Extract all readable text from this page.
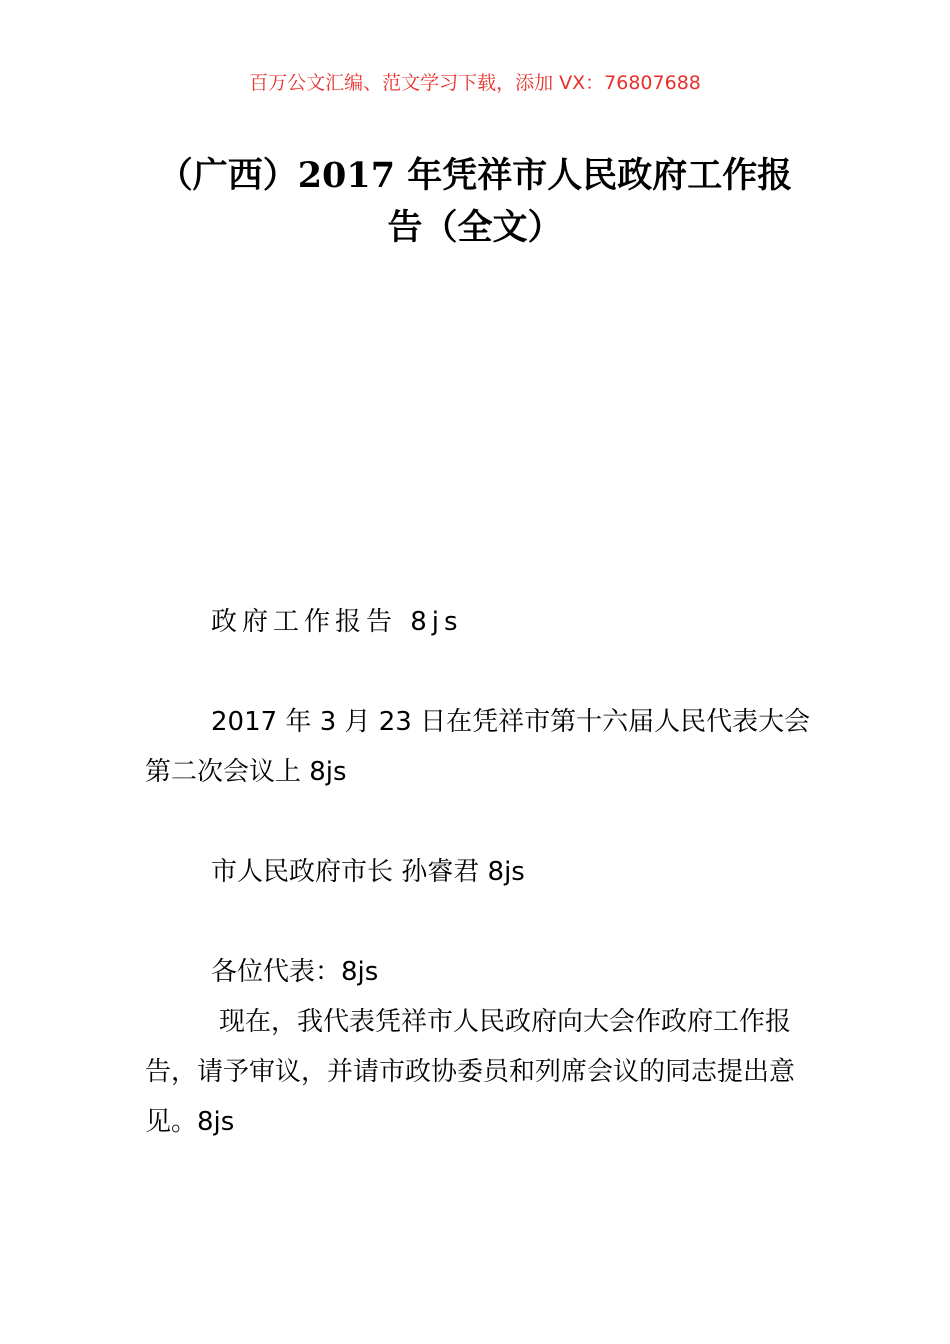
百万公文汇编、范文学习下载，添加 VX：76807688
（广西）2017 年凭祥市人民政府工作报告（全文）
政府工作报告 8js
2017 年 3 月 23 日在凭祥市第十六届人民代表大会第二次会议上 8js
市人民政府市长 孙睿君 8js
各位代表：8js
现在，我代表凭祥市人民政府向大会作政府工作报告，请予审议，并请市政协委员和列席会议的同志提出意见。8js
